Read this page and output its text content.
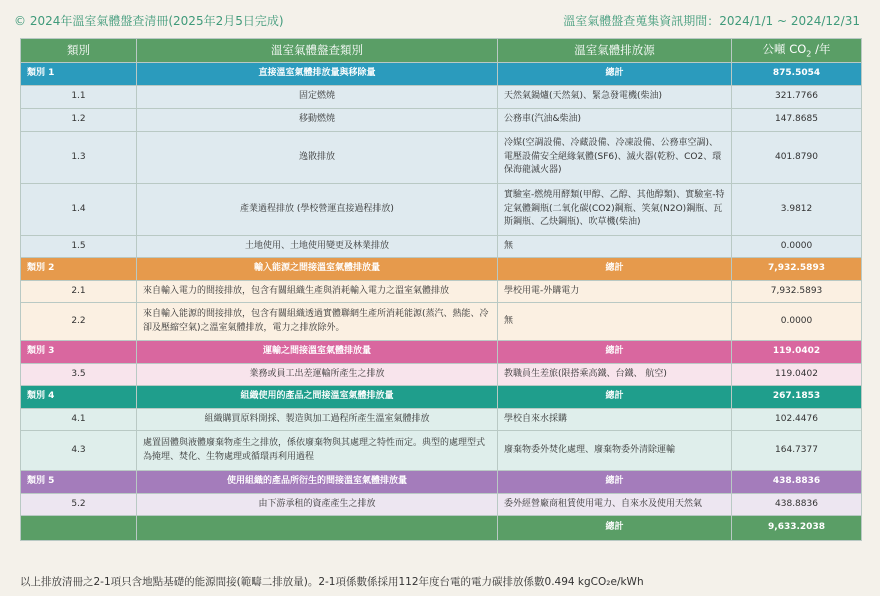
© 2024年溫室氣體盤查清冊(2025年2月5日完成)	溫室氣體盤查蒐集資訊期間：2024/1/1 ~ 2024/12/31
類別	溫室氣體盤查類別	溫室氣體排放源	公噸 $CO_2$ /年
類別 1	直接溫室氣體排放量與移除量	總計	875.5054
1.1	固定燃燒	天然氣鍋爐(天然氣)、緊急發電機(柴油)	321.7766
1.2	移動燃燒	公務車(汽油&柴油)	147.8685
1.3	逸散排放	冷媒(空調設備、冷藏設備、冷凍設備、公務車空調)、電壓設備安全絕緣氣體(SF6)、滅火器(乾粉、CO2、環保海龍滅火器)	401.8790
1.4	產業過程排放 (學校營運直接過程排放)	實驗室-燃燒用酵類(甲醇、乙醇、其他醇類)、實驗室-特定氣體鋼瓶(二氧化碳(CO2)鋼瓶、笑氣(N2O)鋼瓶、瓦斯鋼瓶、乙炔鋼瓶)、吹草機(柴油)	3.9812
1.5	土地使用、土地使用變更及林業排放	無	0.0000
類別 2	輸入能源之間接溫室氣體排放量	總計	7,932.5893
2.1	來自輸入電力的間接排放，包含有關組織生產與消耗輸入電力之溫室氣體排放	學校用電-外購電力	7,932.5893
2.2	來自輸入能源的間接排放，包含有關組織透過實體聯網生產所消耗能源(蒸汽、熱能、冷卻及壓縮空氣)之溫室氣體排放，電力之排放除外。	無	0.0000
類別 3	運輸之間接溫室氣體排放量	總計	119.0402
3.5	業務或員工出差運輸所產生之排放	教職員生差旅(限搭乘高鐵、台鐵、 航空)	119.0402
類別 4	組織使用的產品之間接溫室氣體排放量	總計	267.1853
4.1	組織購買原料開採、製造與加工過程所產生溫室氣體排放	學校自來水採購	102.4476
4.3	處置固體與液體廢棄物產生之排放，係依廢棄物與其處理之特性而定。典型的處理型式為掩埋、焚化、生物處理或循環再利用過程	廢棄物委外焚化處理、廢棄物委外清除運輸	164.7377
類別 5	使用組織的產品所衍生的間接溫室氣體排放量	總計	438.8836
5.2	由下游承租的資產產生之排放	委外經營廠商租賃使用電力、自來水及使用天然氣	438.8836
		總計	9,633.2038
以上排放清冊之2-1項只含地點基礎的能源間接(範疇二排放量)。2-1項係數係採用112年度台電的電力碳排放係數0.494 kgCO₂e/kWh
